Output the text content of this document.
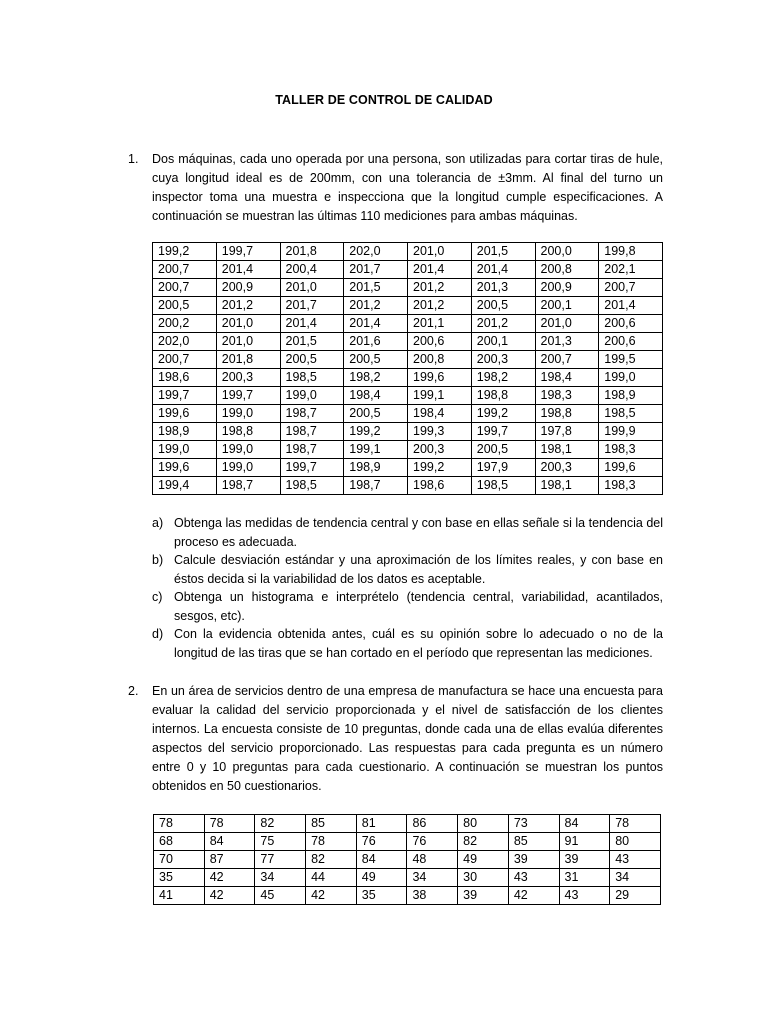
TALLER DE CONTROL DE CALIDAD
1. Dos máquinas, cada uno operada por una persona, son utilizadas para cortar tiras de hule, cuya longitud ideal es de 200mm, con una tolerancia de ±3mm. Al final del turno un inspector toma una muestra e inspecciona que la longitud cumple especificaciones. A continuación se muestran las últimas 110 mediciones para ambas máquinas.
199,2	199,7	201,8	202,0	201,0	201,5	200,0	199,8
200,7	201,4	200,4	201,7	201,4	201,4	200,8	202,1
200,7	200,9	201,0	201,5	201,2	201,3	200,9	200,7
200,5	201,2	201,7	201,2	201,2	200,5	200,1	201,4
200,2	201,0	201,4	201,4	201,1	201,2	201,0	200,6
202,0	201,0	201,5	201,6	200,6	200,1	201,3	200,6
200,7	201,8	200,5	200,5	200,8	200,3	200,7	199,5
198,6	200,3	198,5	198,2	199,6	198,2	198,4	199,0
199,7	199,7	199,0	198,4	199,1	198,8	198,3	198,9
199,6	199,0	198,7	200,5	198,4	199,2	198,8	198,5
198,9	198,8	198,7	199,2	199,3	199,7	197,8	199,9
199,0	199,0	198,7	199,1	200,3	200,5	198,1	198,3
199,6	199,0	199,7	198,9	199,2	197,9	200,3	199,6
199,4	198,7	198,5	198,7	198,6	198,5	198,1	198,3

a) Obtenga las medidas de tendencia central y con base en ellas señale si la tendencia del proceso es adecuada.

b) Calcule desviación estándar y una aproximación de los límites reales, y con base en éstos decida si la variabilidad de los datos es aceptable.

c) Obtenga un histograma e interprételo (tendencia central, variabilidad, acantilados, sesgos, etc).

d) Con la evidencia obtenida antes, cuál es su opinión sobre lo adecuado o no de la longitud de las tiras que se han cortado en el período que representan las mediciones.

2. En un área de servicios dentro de una empresa de manufactura se hace una encuesta para evaluar la calidad del servicio proporcionada y el nivel de satisfacción de los clientes internos. La encuesta consiste de 10 preguntas, donde cada una de ellas evalúa diferentes aspectos del servicio proporcionado. Las respuestas para cada pregunta es un número entre 0 y 10 preguntas para cada cuestionario. A continuación se muestran los puntos obtenidos en 50 cuestionarios.
78	78	82	85	81	86	80	73	84	78
68	84	75	78	76	76	82	85	91	80
70	87	77	82	84	48	49	39	39	43
35	42	34	44	49	34	30	43	31	34
41	42	45	42	35	38	39	42	43	29
